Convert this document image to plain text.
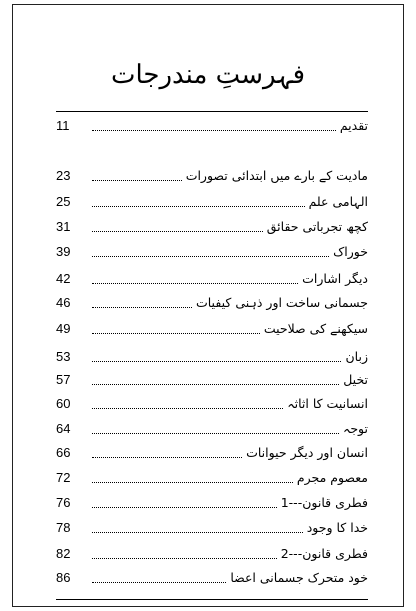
فہرستِ مندرجات
11	تقدیم
23	مادیت کے بارے میں ابتدائی تصورات
25	الہامی علم
31	کچھ تجرباتی حقائق
39	خوراک
42	دیگر اشارات
46	جسمانی ساخت اور ذہنی کیفیات
49	سیکھنے کی صلاحیت
53	زبان
57	تخیل
60	انسانیت کا اثاثہ
64	توجہ
66	انسان اور دیگر حیوانات
72	معصوم مجرم
76	فطری قانون---1
78	خدا کا وجود
82	فطری قانون---2
86	خود متحرک جسمانی اعضا
